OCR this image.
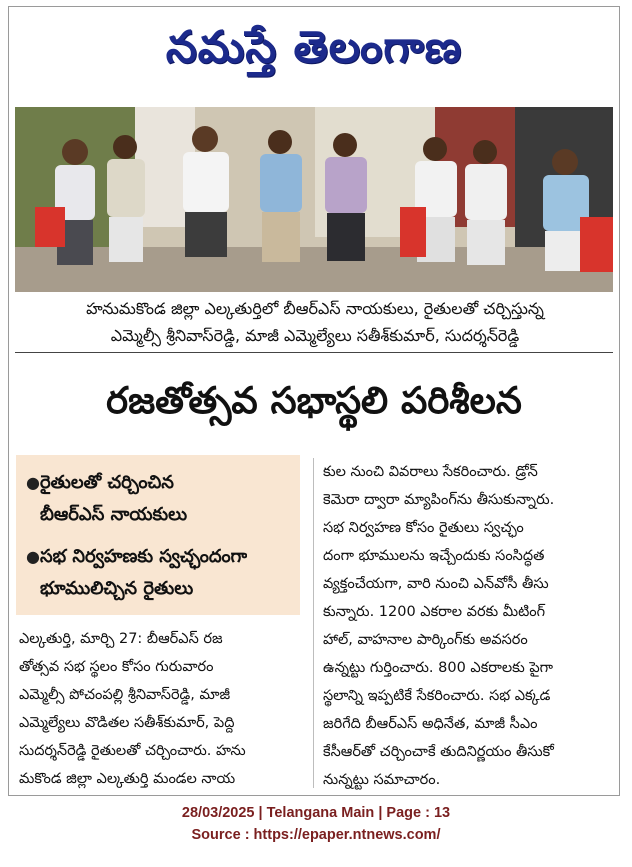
నమస్తే తెలంగాణ
హనుమకొండ జిల్లా ఎల్కతుర్తిలో బీఆర్ఎస్ నాయకులు, రైతులతో చర్చిస్తున్న
ఎమ్మెల్సీ శ్రీనివాస్‌రెడ్డి, మాజీ ఎమ్మెల్యేలు సతీశ్‌కుమార్, సుదర్శన్‌రెడ్డి
రజతోత్సవ సభాస్థలి పరిశీలన
● రైతులతో చర్చించిన
బీఆర్ఎస్ నాయకులు
● సభ నిర్వహణకు స్వచ్ఛందంగా
భూములిచ్చిన రైతులు
ఎల్కతుర్తి, మార్చి 27: బీఆర్ఎస్ రజ
తోత్సవ సభ స్థలం కోసం గురువారం
ఎమ్మెల్సీ పోచంపల్లి శ్రీనివాస్‌రెడ్డి, మాజీ
ఎమ్మెల్యేలు వొడితల సతీశ్‌కుమార్, పెద్ది
సుదర్శన్‌రెడ్డి రైతులతో చర్చించారు. హను
మకొండ జిల్లా ఎల్కతుర్తి మండల నాయ
కుల నుంచి వివరాలు సేకరించారు. డ్రోన్
కెమెరా ద్వారా మ్యాపింగ్‌ను తీసుకున్నారు.
సభ నిర్వహణ కోసం రైతులు స్వచ్ఛం
దంగా భూములను ఇచ్చేందుకు సంసిద్ధత
వ్యక్తంచేయగా, వారి నుంచి ఎన్‌వోసీ తీసు
కున్నారు. 1200 ఎకరాల వరకు మీటింగ్
హాల్, వాహనాల పార్కింగ్‌కు అవసరం
ఉన్నట్టు గుర్తించారు. 800 ఎకరాలకు పైగా
స్థలాన్ని ఇప్పటికే సేకరించారు. సభ ఎక్కడ
జరిగేది బీఆర్ఎస్ అధినేత, మాజీ సీఎం
కేసీఆర్‌తో చర్చించాకే తుదినిర్ణయం తీసుకో
నున్నట్టు సమాచారం.
28/03/2025 | Telangana Main | Page : 13
Source : https://epaper.ntnews.com/
